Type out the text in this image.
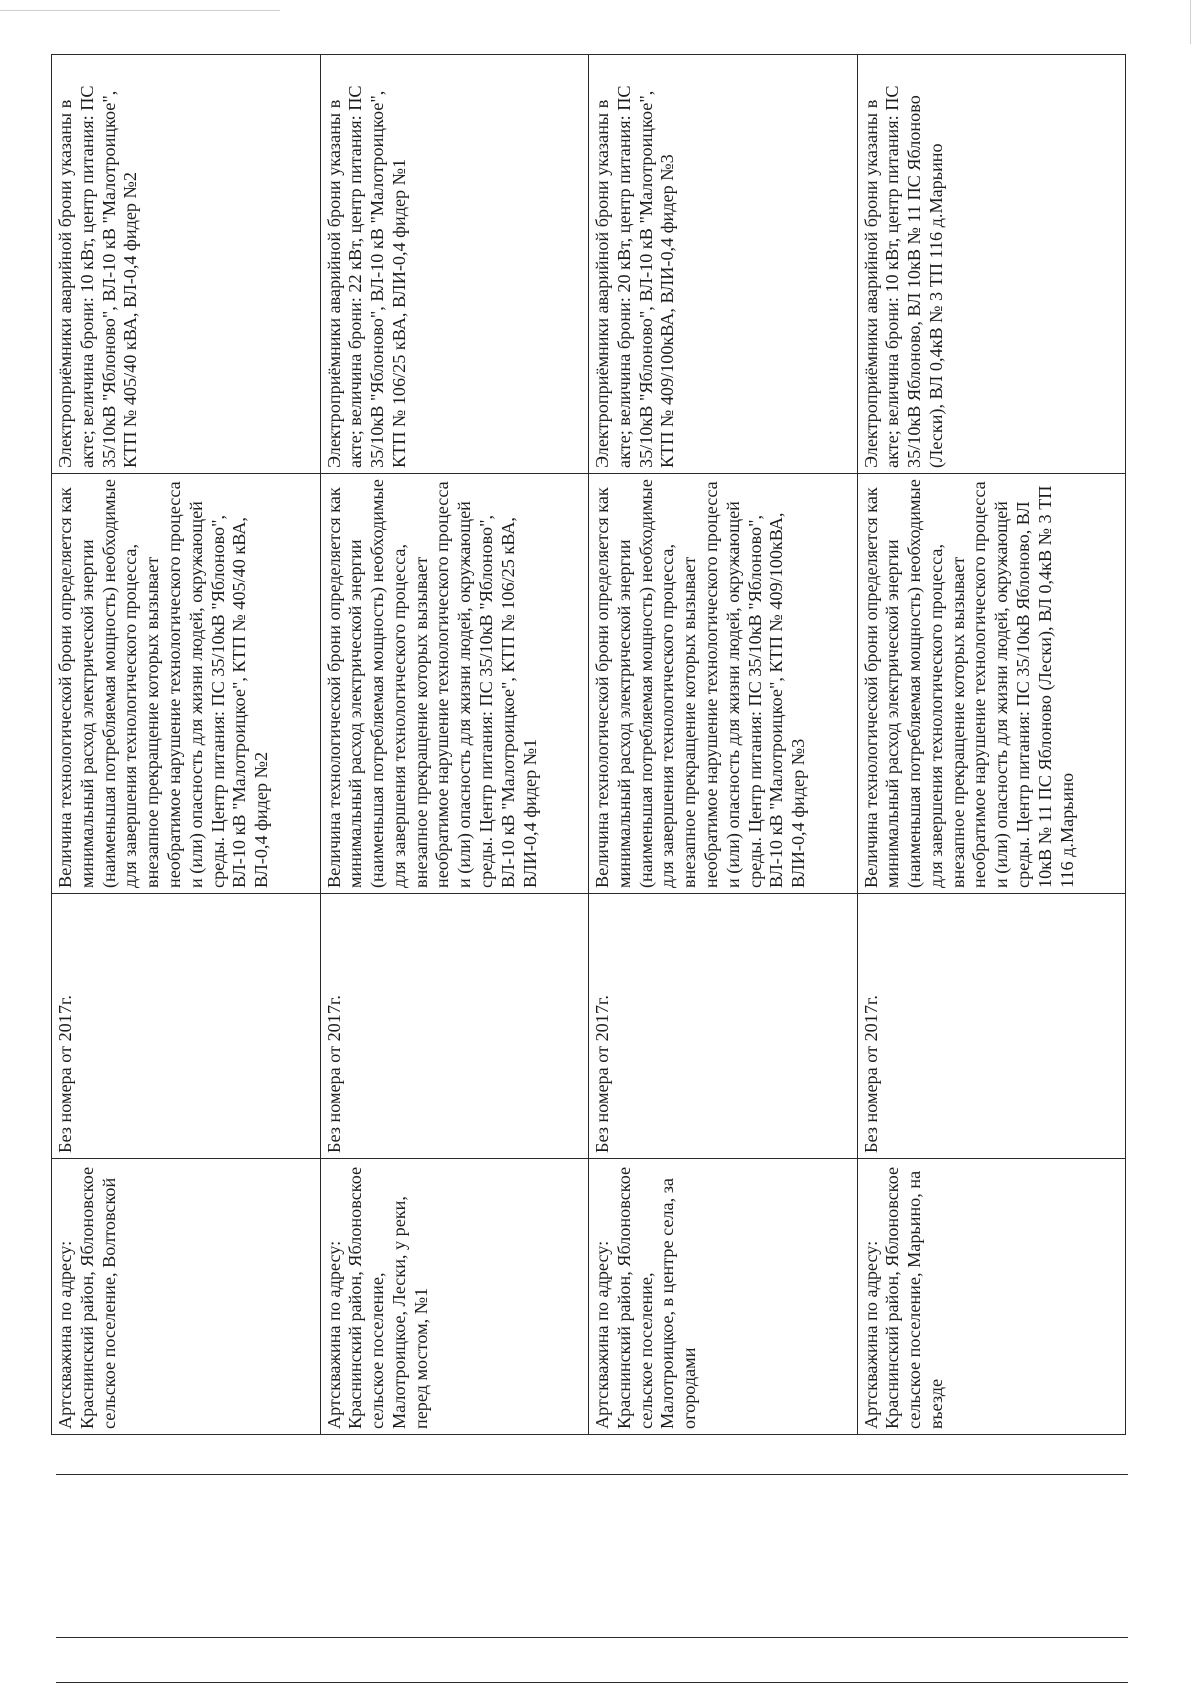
Артскважина по адресу: Краснинский район, Яблоновское сельское поселение, Волтовской	Без номера от 2017г.	Величина технологической брони определяется как минимальный расход электрической энергии (наименьшая потребляемая мощность) необходимые для завершения технологического процесса, внезапное прекращение которых вызывает необратимое нарушение технологического процесса и (или) опасность для жизни людей, окружающей среды. Центр питания: ПС 35/10кВ "Яблоново", ВЛ-10 кВ "Малотроицкое", КТП № 405/40 кВА, ВЛ-0,4 фидер №2	Электроприёмники аварийной брони указаны в акте; величина брони: 10 кВт, центр питания: ПС 35/10кВ "Яблоново", ВЛ-10 кВ "Малотроицкое", КТП № 405/40 кВА, ВЛ-0,4 фидер №2
Артскважина по адресу: Краснинский район, Яблоновское сельское поселение, Малотроицкое, Лески, у реки, перед мостом, №1	Без номера от 2017г.	Величина технологической брони определяется как минимальный расход электрической энергии (наименьшая потребляемая мощность) необходимые для завершения технологического процесса, внезапное прекращение которых вызывает необратимое нарушение технологического процесса и (или) опасность для жизни людей, окружающей среды. Центр питания: ПС 35/10кВ "Яблоново", ВЛ-10 кВ "Малотроицкое", КТП № 106/25 кВА, ВЛИ-0,4 фидер №1	Электроприёмники аварийной брони указаны в акте; величина брони: 22 кВт, центр питания: ПС 35/10кВ "Яблоново", ВЛ-10 кВ "Малотроицкое", КТП № 106/25 кВА, ВЛИ-0,4 фидер №1
Артскважина по адресу: Краснинский район, Яблоновское сельское поселение, Малотроицкое, в центре села, за огородами	Без номера от 2017г.	Величина технологической брони определяется как минимальный расход электрической энергии (наименьшая потребляемая мощность) необходимые для завершения технологического процесса, внезапное прекращение которых вызывает необратимое нарушение технологического процесса и (или) опасность для жизни людей, окружающей среды. Центр питания: ПС 35/10кВ "Яблоново", ВЛ-10 кВ "Малотроицкое", КТП № 409/100кВА, ВЛИ-0,4 фидер №3	Электроприёмники аварийной брони указаны в акте; величина брони: 20 кВт, центр питания: ПС 35/10кВ "Яблоново", ВЛ-10 кВ "Малотроицкое", КТП № 409/100кВА, ВЛИ-0,4 фидер №3
Артскважина по адресу: Краснинский район, Яблоновское сельское поселение, Марьино, на въезде	Без номера от 2017г.	Величина технологической брони определяется как минимальный расход электрической энергии (наименьшая потребляемая мощность) необходимые для завершения технологического процесса, внезапное прекращение которых вызывает необратимое нарушение технологического процесса и (или) опасность для жизни людей, окружающей среды. Центр питания: ПС 35/10кВ Яблоново, ВЛ 10кВ № 11 ПС Яблоново (Лески), ВЛ 0,4кВ № 3 ТП 116 д.Марьино	Электроприёмники аварийной брони указаны в акте; величина брони: 10 кВт, центр питания: ПС 35/10кВ Яблоново, ВЛ 10кВ № 11 ПС Яблоново (Лески), ВЛ 0,4кВ № 3 ТП 116 д.Марьино
